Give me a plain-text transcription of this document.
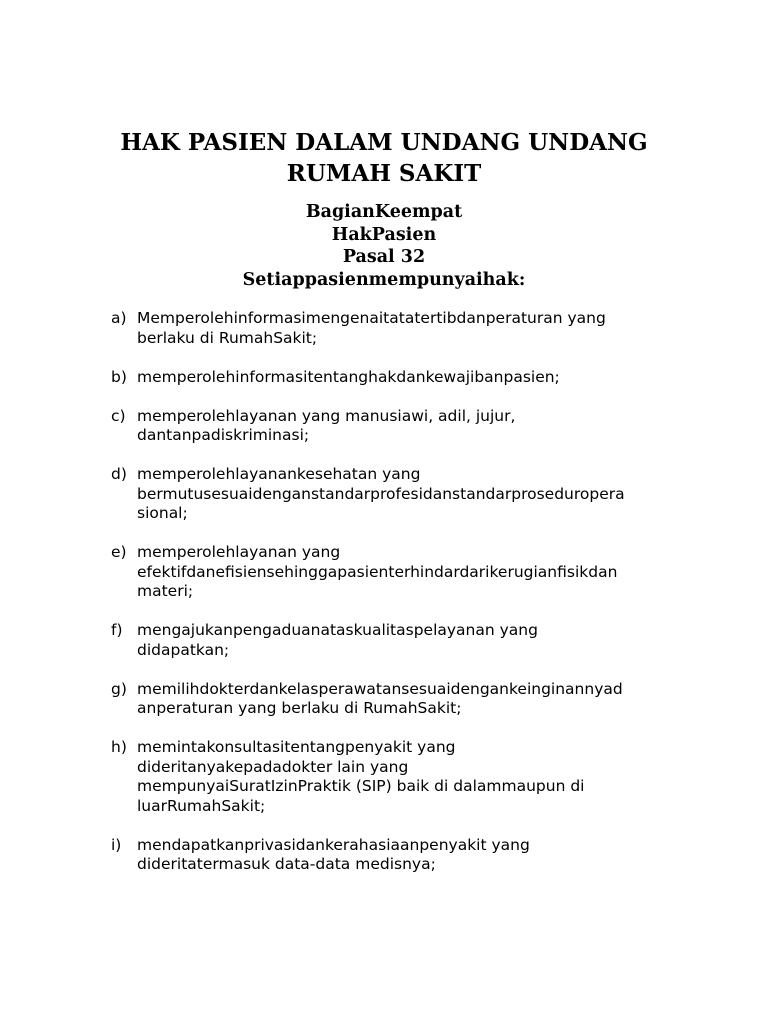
HAK PASIEN DALAM UNDANG UNDANG
RUMAH SAKIT
BagianKeempat
HakPasien
Pasal 32
Setiappasienmempunyaihak:
a) Memperolehinformasimengenaitatatertibdanperaturan yang
berlaku di RumahSakit;
b) memperolehinformasitentanghakdankewajibanpasien;
c) memperolehlayanan yang manusiawi, adil, jujur,
dantanpadiskriminasi;
d) memperolehlayanankesehatan yang
bermutusesuaidenganstandarprofesidanstandarproseduropera
sional;
e) memperolehlayanan yang
efektifdanefisiensehinggapasienterhindardarikerugianfisikdan
materi;
f) mengajukanpengaduanataskualitaspelayanan yang
didapatkan;
g) memilihdokterdankelasperawatansesuaidengankeinginannyad
anperaturan yang berlaku di RumahSakit;
h) memintakonsultasitentangpenyakit yang
dideritanyakepadadokter lain yang
mempunyaiSuratIzinPraktik (SIP) baik di dalammaupun di
luarRumahSakit;
i) mendapatkanprivasidankerahasiaanpenyakit yang
dideritatermasuk data-data medisnya;
